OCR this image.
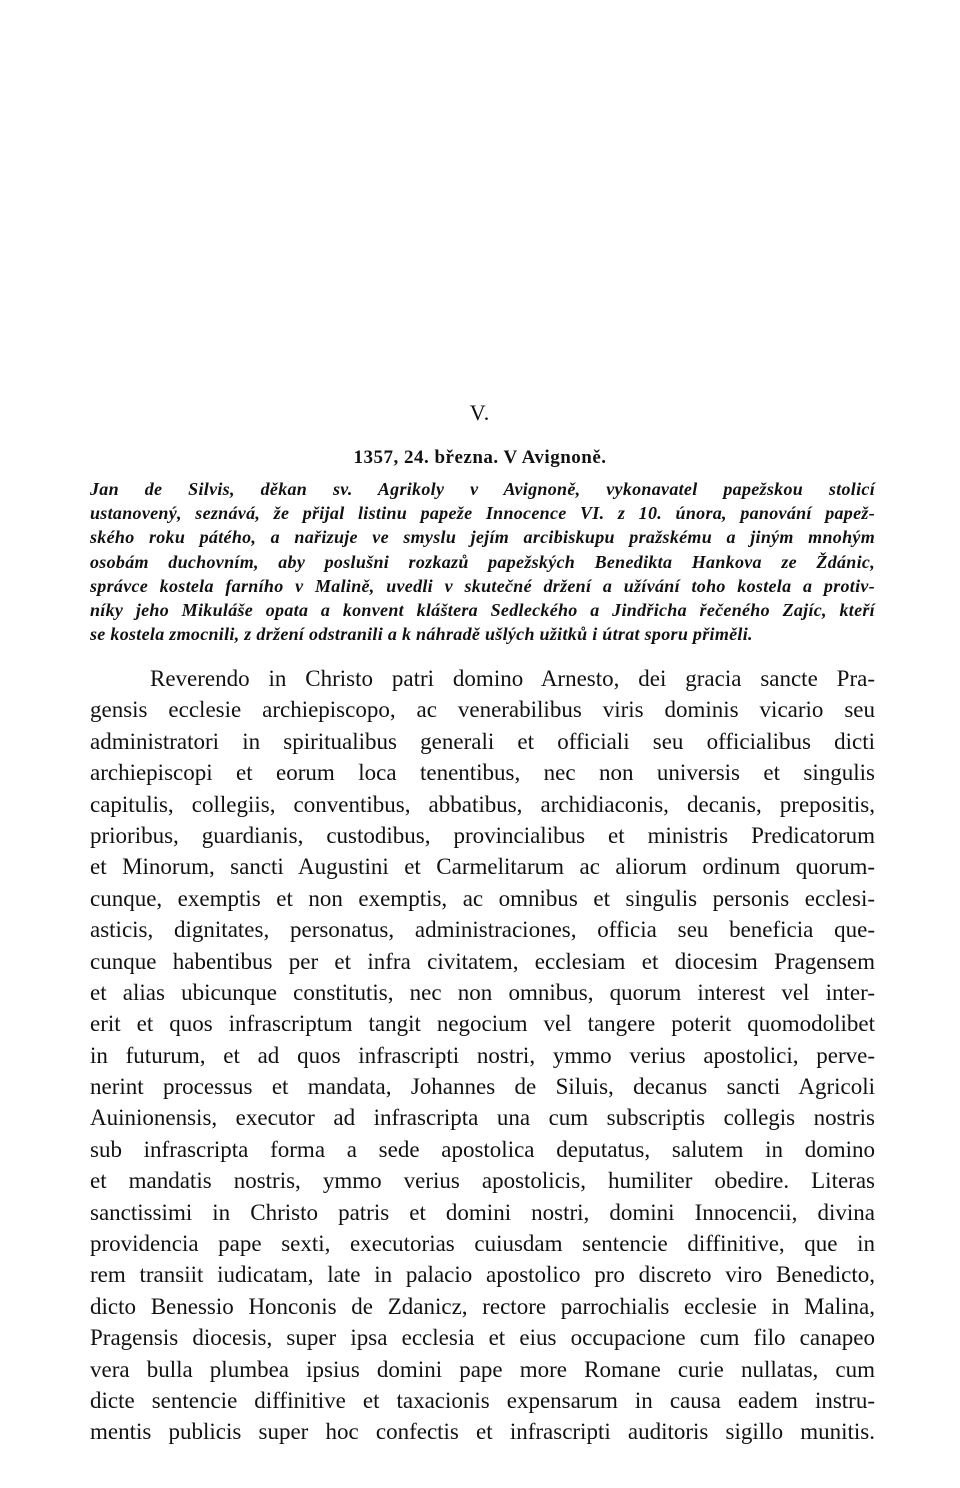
V.
1357, 24. března. V Avignoně.
Jan de Silvis, děkan sv. Agrikoly v Avignoně, vykonavatel papežskou stolicí
ustanovený, seznává, že přijal listinu papeže Innocence VI. z 10. února, panování papež-
ského roku pátého, a nařizuje ve smyslu jejím arcibiskupu pražskému a jiným mnohým
osobám duchovním, aby poslušni rozkazů papežských Benedikta Hankova ze Ždánic,
správce kostela farního v Malině, uvedli v skutečné držení a užívání toho kostela a protiv-
níky jeho Mikuláše opata a konvent kláštera Sedleckého a Jindřicha řečeného Zajíc, kteří
se kostela zmocnili, z držení odstranili a k náhradě ušlých užitků i útrat sporu přiměli.
Reverendo in Christo patri domino Arnesto, dei gracia sancte Pra-
gensis ecclesie archiepiscopo, ac venerabilibus viris dominis vicario seu
administratori in spiritualibus generali et officiali seu officialibus dicti
archiepiscopi et eorum loca tenentibus, nec non universis et singulis
capitulis, collegiis, conventibus, abbatibus, archidiaconis, decanis, prepositis,
prioribus, guardianis, custodibus, provincialibus et ministris Predicatorum
et Minorum, sancti Augustini et Carmelitarum ac aliorum ordinum quorum-
cunque, exemptis et non exemptis, ac omnibus et singulis personis ecclesi-
asticis, dignitates, personatus, administraciones, officia seu beneficia que-
cunque habentibus per et infra civitatem, ecclesiam et diocesim Pragensem
et alias ubicunque constitutis, nec non omnibus, quorum interest vel inter-
erit et quos infrascriptum tangit negocium vel tangere poterit quomodolibet
in futurum, et ad quos infrascripti nostri, ymmo verius apostolici, perve-
nerint processus et mandata, Johannes de Siluis, decanus sancti Agricoli
Auinionensis, executor ad infrascripta una cum subscriptis collegis nostris
sub infrascripta forma a sede apostolica deputatus, salutem in domino
et mandatis nostris, ymmo verius apostolicis, humiliter obedire. Literas
sanctissimi in Christo patris et domini nostri, domini Innocencii, divina
providencia pape sexti, executorias cuiusdam sentencie diffinitive, que in
rem transiit iudicatam, late in palacio apostolico pro discreto viro Benedicto,
dicto Benessio Honconis de Zdanicz, rectore parrochialis ecclesie in Malina,
Pragensis diocesis, super ipsa ecclesia et eius occupacione cum filo canapeo
vera bulla plumbea ipsius domini pape more Romane curie nullatas, cum
dicte sentencie diffinitive et taxacionis expensarum in causa eadem instru-
mentis publicis super hoc confectis et infrascripti auditoris sigillo munitis.
